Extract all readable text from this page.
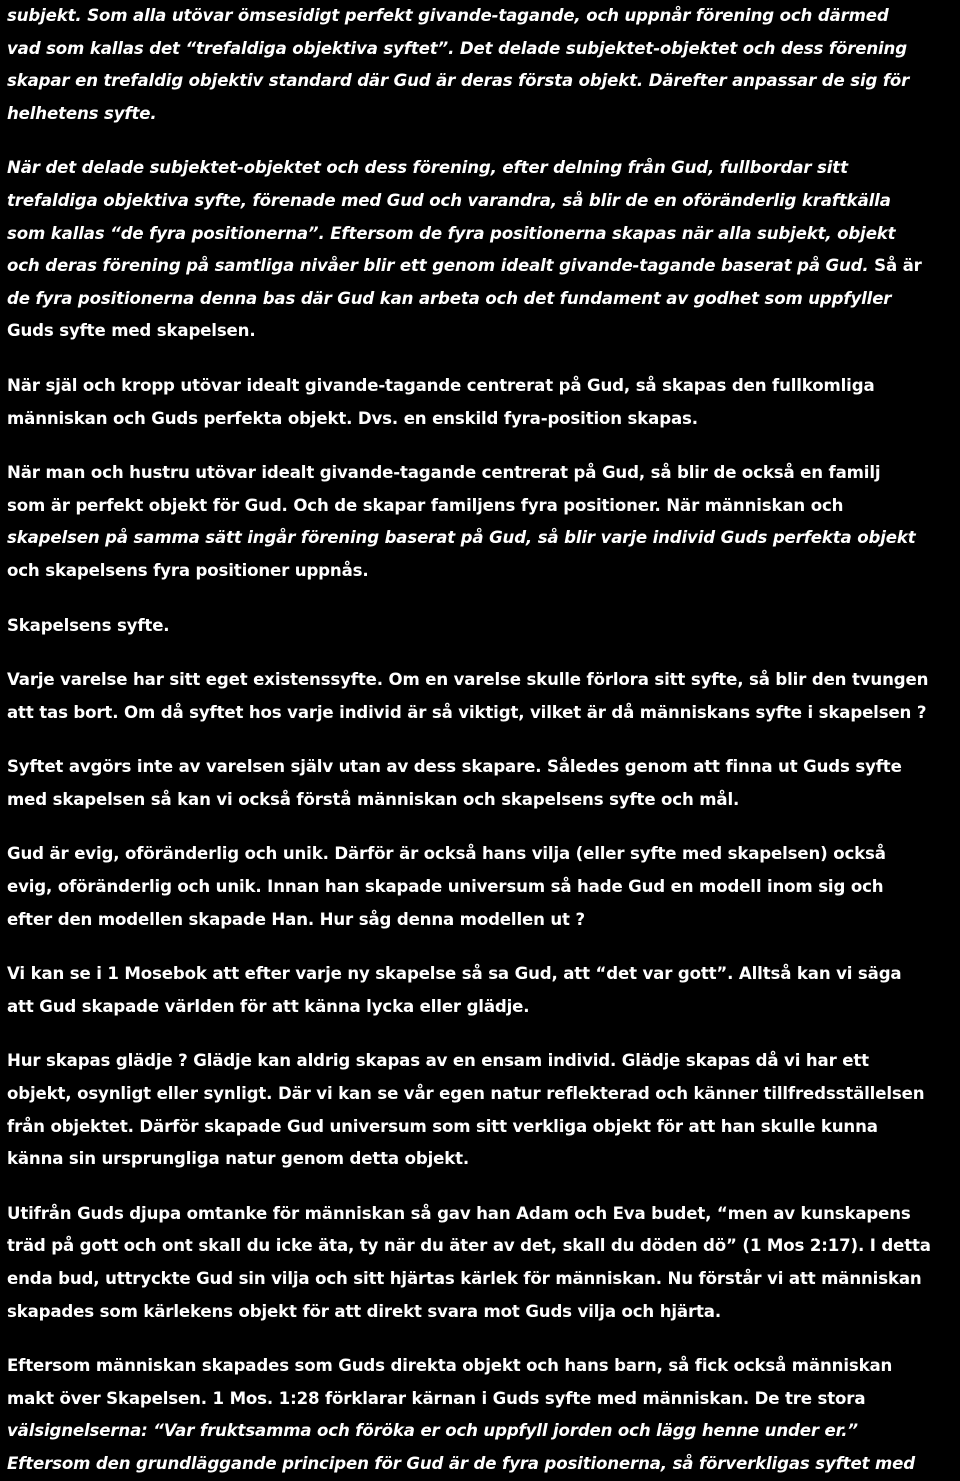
subjekt. Som alla utövar ömsesidigt perfekt givande-tagande, och uppnår förening och därmed
vad som kallas det “trefaldiga objektiva syftet”. Det delade subjektet-objektet och dess förening
skapar en trefaldig objektiv standard där Gud är deras första objekt. Därefter anpassar de sig för
helhetens syfte.
När det delade subjektet-objektet och dess förening, efter delning från Gud, fullbordar sitt
trefaldiga objektiva syfte, förenade med Gud och varandra, så blir de en oföränderlig kraftkälla
som kallas “de fyra positionerna”. Eftersom de fyra positionerna skapas när alla subjekt, objekt
och deras förening på samtliga nivåer blir ett genom idealt givande-tagande baserat på Gud. Så är
de fyra positionerna denna bas där Gud kan arbeta och det fundament av godhet som uppfyller
Guds syfte med skapelsen.
När själ och kropp utövar idealt givande-tagande centrerat på Gud, så skapas den fullkomliga
människan och Guds perfekta objekt. Dvs. en enskild fyra-position skapas.
När man och hustru utövar idealt givande-tagande centrerat på Gud, så blir de också en familj
som är perfekt objekt för Gud. Och de skapar familjens fyra positioner. När människan och
skapelsen på samma sätt ingår förening baserat på Gud, så blir varje individ Guds perfekta objekt
och skapelsens fyra positioner uppnås.
Skapelsens syfte.
Varje varelse har sitt eget existenssyfte. Om en varelse skulle förlora sitt syfte, så blir den tvungen
att tas bort. Om då syftet hos varje individ är så viktigt, vilket är då människans syfte i skapelsen ?
Syftet avgörs inte av varelsen själv utan av dess skapare. Således genom att finna ut Guds syfte
med skapelsen så kan vi också förstå människan och skapelsens syfte och mål.
Gud är evig, oföränderlig och unik. Därför är också hans vilja (eller syfte med skapelsen) också
evig, oföränderlig och unik. Innan han skapade universum så hade Gud en modell inom sig och
efter den modellen skapade Han. Hur såg denna modellen ut ?
Vi kan se i 1 Mosebok att efter varje ny skapelse så sa Gud, att “det var gott”. Alltså kan vi säga
att Gud skapade världen för att känna lycka eller glädje.
Hur skapas glädje ? Glädje kan aldrig skapas av en ensam individ. Glädje skapas då vi har ett
objekt, osynligt eller synligt. Där vi kan se vår egen natur reflekterad och känner tillfredsställelsen
från objektet. Därför skapade Gud universum som sitt verkliga objekt för att han skulle kunna
känna sin ursprungliga natur genom detta objekt.
Utifrån Guds djupa omtanke för människan så gav han Adam och Eva budet, “men av kunskapens
träd på gott och ont skall du icke äta, ty när du äter av det, skall du döden dö” (1 Mos 2:17). I detta
enda bud, uttryckte Gud sin vilja och sitt hjärtas kärlek för människan. Nu förstår vi att människan
skapades som kärlekens objekt för att direkt svara mot Guds vilja och hjärta.
Eftersom människan skapades som Guds direkta objekt och hans barn, så fick också människan
makt över Skapelsen. 1 Mos. 1:28 förklarar kärnan i Guds syfte med människan. De tre stora
välsignelserna: “Var fruktsamma och föröka er och uppfyll jorden och lägg henne under er.”
Eftersom den grundläggande principen för Gud är de fyra positionerna, så förverkligas syftet med
